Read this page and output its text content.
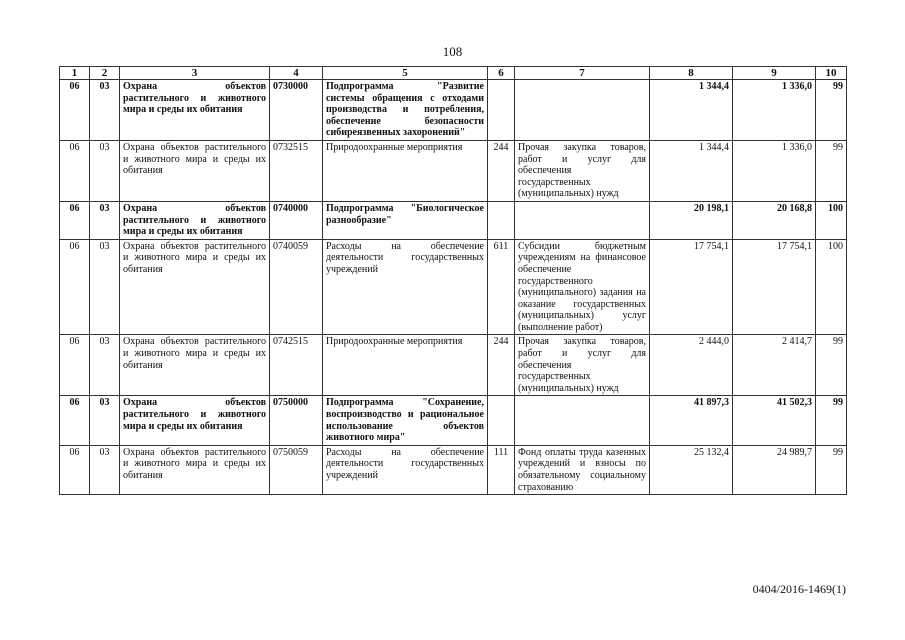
108
1	2	3	4	5	6	7	8	9	10
06	03	Охрана объектов растительного и животного мира и среды их обитания	0730000	Подпрограмма "Развитие системы обращения с отходами производства и потребления, обеспечение безопасности сибиреязвенных захоронений"			1 344,4	1 336,0	99
06	03	Охрана объектов растительного и животного мира и среды их обитания	0732515	Природоохранные мероприятия	244	Прочая закупка товаров, работ и услуг для обеспечения государственных (муниципальных) нужд	1 344,4	1 336,0	99
06	03	Охрана объектов растительного и животного мира и среды их обитания	0740000	Подпрограмма "Биологическое разнообразие"			20 198,1	20 168,8	100
06	03	Охрана объектов растительного и животного мира и среды их обитания	0740059	Расходы на обеспечение деятельности государственных учреждений	611	Субсидии бюджетным учреждениям на финансовое обеспечение государственного (муниципального) задания на оказание государственных (муниципальных) услуг (выполнение работ)	17 754,1	17 754,1	100
06	03	Охрана объектов растительного и животного мира и среды их обитания	0742515	Природоохранные мероприятия	244	Прочая закупка товаров, работ и услуг для обеспечения государственных (муниципальных) нужд	2 444,0	2 414,7	99
06	03	Охрана объектов растительного и животного мира и среды их обитания	0750000	Подпрограмма "Сохранение, воспроизводство и рациональное использование объектов животного мира"			41 897,3	41 502,3	99
06	03	Охрана объектов растительного и животного мира и среды их обитания	0750059	Расходы на обеспечение деятельности государственных учреждений	111	Фонд оплаты труда казенных учреждений и взносы по обязательному социальному страхованию	25 132,4	24 989,7	99
0404/2016-1469(1)
